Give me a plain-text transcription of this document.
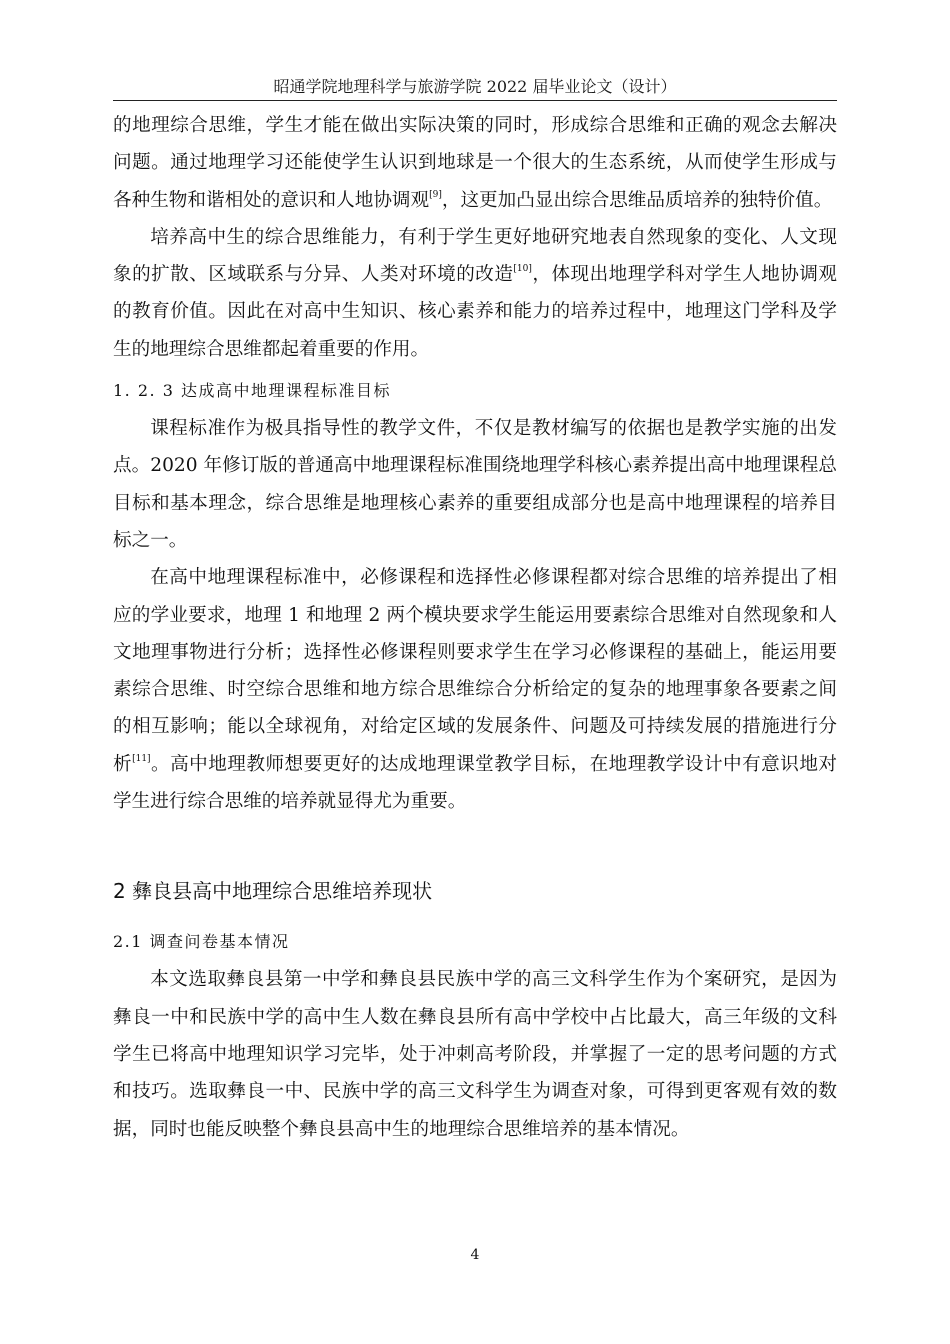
昭通学院地理科学与旅游学院 2022 届毕业论文（设计）

的地理综合思维，学生才能在做出实际决策的同时，形成综合思维和正确的观念去解决问题。通过地理学习还能使学生认识到地球是一个很大的生态系统，从而使学生形成与各种生物和谐相处的意识和人地协调观[9]，这更加凸显出综合思维品质培养的独特价值。

培养高中生的综合思维能力，有利于学生更好地研究地表自然现象的变化、人文现象的扩散、区域联系与分异、人类对环境的改造[10]，体现出地理学科对学生人地协调观的教育价值。因此在对高中生知识、核心素养和能力的培养过程中，地理这门学科及学生的地理综合思维都起着重要的作用。

1. 2. 3 达成高中地理课程标准目标

课程标准作为极具指导性的教学文件，不仅是教材编写的依据也是教学实施的出发点。2020 年修订版的普通高中地理课程标准围绕地理学科核心素养提出高中地理课程总目标和基本理念，综合思维是地理核心素养的重要组成部分也是高中地理课程的培养目标之一。

在高中地理课程标准中，必修课程和选择性必修课程都对综合思维的培养提出了相应的学业要求，地理 1 和地理 2 两个模块要求学生能运用要素综合思维对自然现象和人文地理事物进行分析；选择性必修课程则要求学生在学习必修课程的基础上，能运用要素综合思维、时空综合思维和地方综合思维综合分析给定的复杂的地理事象各要素之间的相互影响；能以全球视角，对给定区域的发展条件、问题及可持续发展的措施进行分析[11]。高中地理教师想要更好的达成地理课堂教学目标，在地理教学设计中有意识地对学生进行综合思维的培养就显得尤为重要。

2 彝良县高中地理综合思维培养现状
2.1 调查问卷基本情况

本文选取彝良县第一中学和彝良县民族中学的高三文科学生作为个案研究，是因为彝良一中和民族中学的高中生人数在彝良县所有高中学校中占比最大，高三年级的文科学生已将高中地理知识学习完毕，处于冲刺高考阶段，并掌握了一定的思考问题的方式和技巧。选取彝良一中、民族中学的高三文科学生为调查对象，可得到更客观有效的数据，同时也能反映整个彝良县高中生的地理综合思维培养的基本情况。

4
